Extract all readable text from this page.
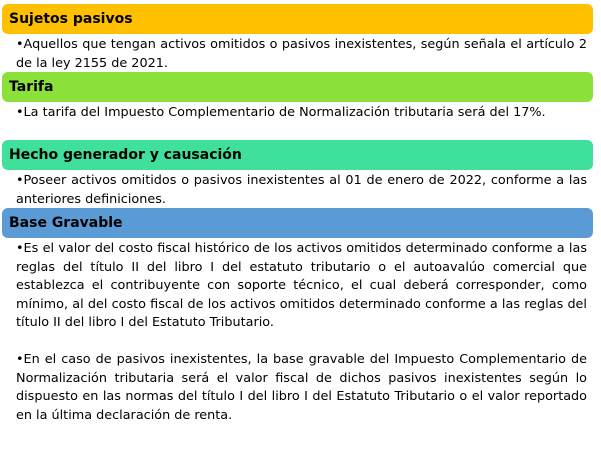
Sujetos pasivos
•Aquellos que tengan activos omitidos o pasivos inexistentes, según señala el artículo 2 de la ley 2155 de 2021.
Tarifa
•La tarifa del Impuesto Complementario de Normalización tributaria será del 17%.
Hecho generador y causación
•Poseer activos omitidos o pasivos inexistentes al 01 de enero de 2022, conforme a las anteriores definiciones.
Base Gravable
•Es el valor del costo fiscal histórico de los activos omitidos determinado conforme a las reglas del título II del libro I del estatuto tributario o el autoavalúo comercial que establezca el contribuyente con soporte técnico, el cual deberá corresponder, como mínimo, al del costo fiscal de los activos omitidos determinado conforme a las reglas del título II del libro I del Estatuto Tributario.
•En el caso de pasivos inexistentes, la base gravable del Impuesto Complementario de Normalización tributaria será el valor fiscal de dichos pasivos inexistentes según lo dispuesto en las normas del título I del libro I del Estatuto Tributario o el valor reportado en la última declaración de renta.
